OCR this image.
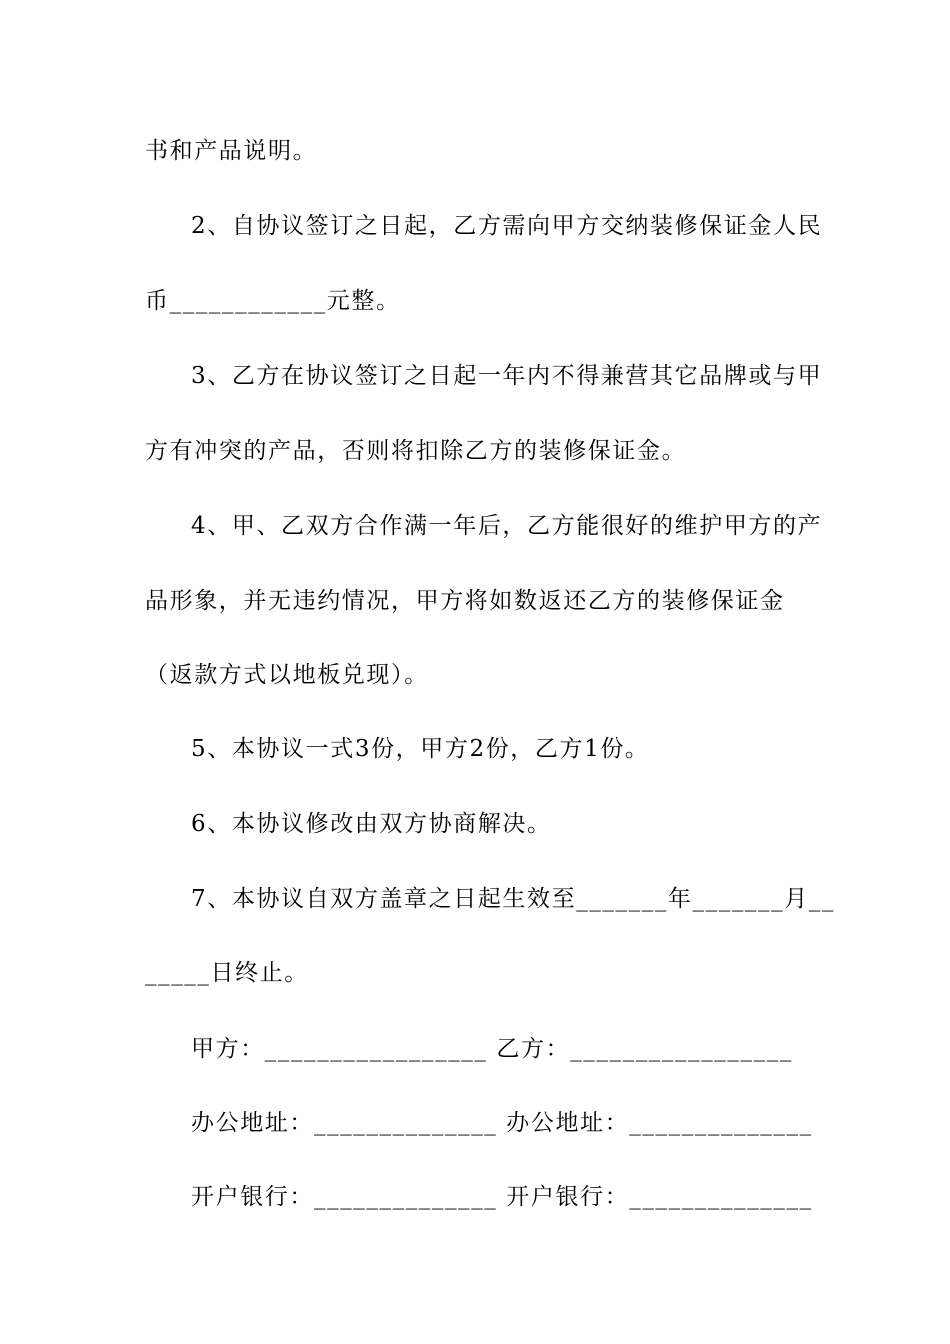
书和产品说明。
2、自协议签订之日起，乙方需向甲方交纳装修保证金人民
币____________元整。
3、乙方在协议签订之日起一年内不得兼营其它品牌或与甲
方有冲突的产品，否则将扣除乙方的装修保证金。
4、甲、乙双方合作满一年后，乙方能很好的维护甲方的产
品形象，并无违约情况，甲方将如数返还乙方的装修保证金
（返款方式以地板兑现）。
5、本协议一式3份，甲方2份，乙方1份。
6、本协议修改由双方协商解决。
7、本协议自双方盖章之日起生效至_______年_______月__
_____日终止。
甲方：_________________ 乙方：_________________
办公地址：______________ 办公地址：______________
开户银行：______________ 开户银行：______________
